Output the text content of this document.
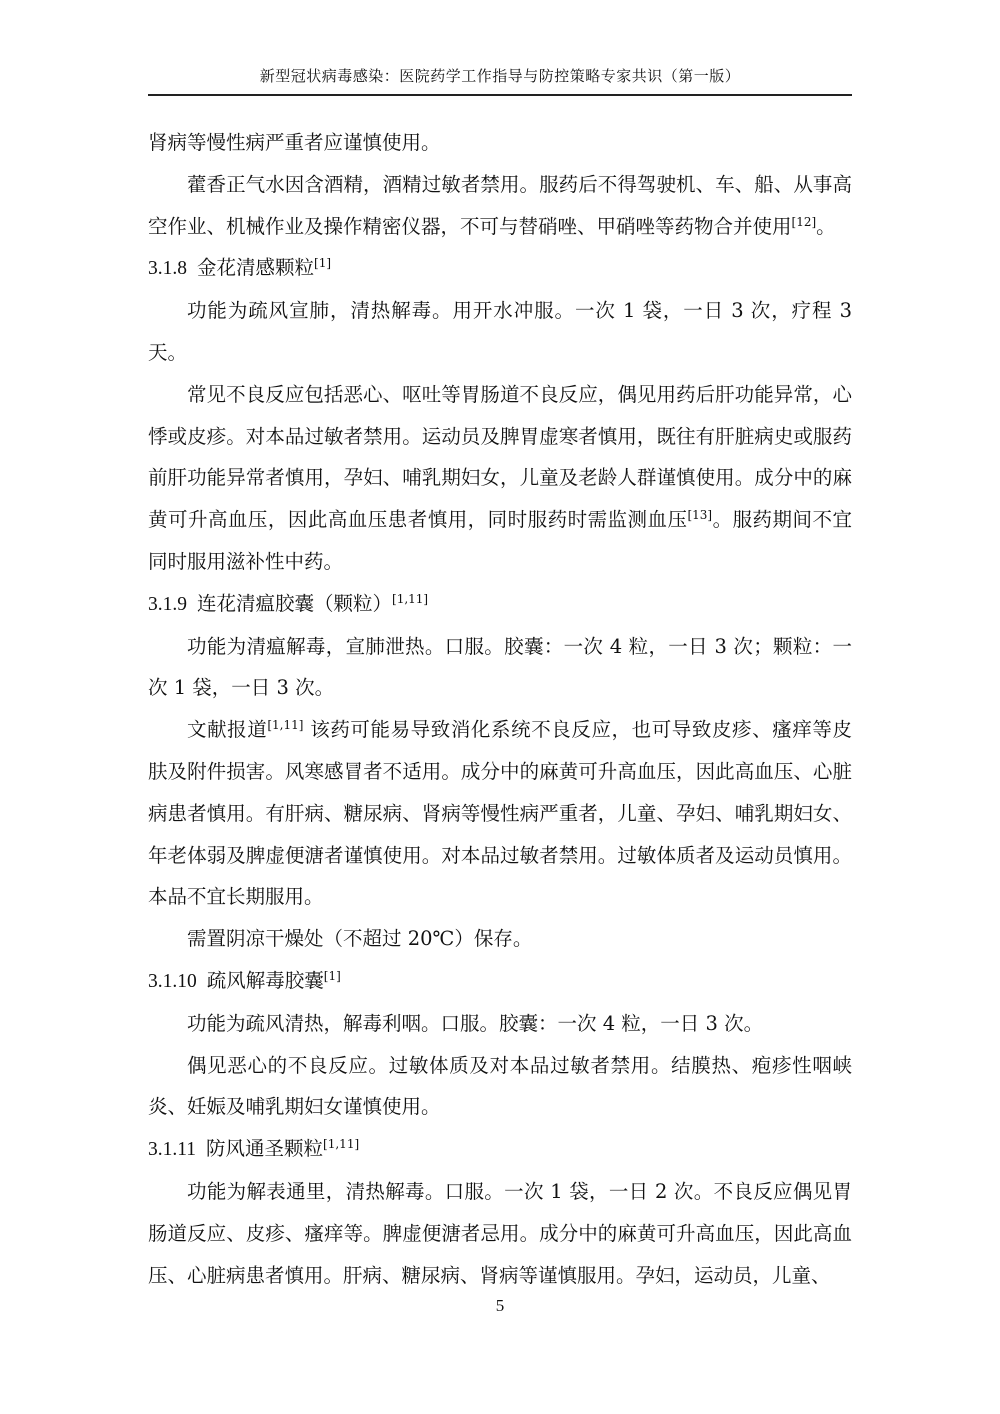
新型冠状病毒感染：医院药学工作指导与防控策略专家共识（第一版）

肾病等慢性病严重者应谨慎使用。

藿香正气水因含酒精，酒精过敏者禁用。服药后不得驾驶机、车、船、从事高空作业、机械作业及操作精密仪器，不可与替硝唑、甲硝唑等药物合并使用[12]。

3.1.8 金花清感颗粒[1]

功能为疏风宣肺，清热解毒。用开水冲服。一次 1 袋，一日 3 次，疗程 3 天。

常见不良反应包括恶心、呕吐等胃肠道不良反应，偶见用药后肝功能异常，心悸或皮疹。对本品过敏者禁用。运动员及脾胃虚寒者慎用，既往有肝脏病史或服药前肝功能异常者慎用，孕妇、哺乳期妇女，儿童及老龄人群谨慎使用。成分中的麻黄可升高血压，因此高血压患者慎用，同时服药时需监测血压[13]。服药期间不宜同时服用滋补性中药。

3.1.9 连花清瘟胶囊（颗粒）[1,11]

功能为清瘟解毒，宣肺泄热。口服。胶囊：一次 4 粒，一日 3 次；颗粒：一次 1 袋，一日 3 次。

文献报道[1,11] 该药可能易导致消化系统不良反应，也可导致皮疹、瘙痒等皮肤及附件损害。风寒感冒者不适用。成分中的麻黄可升高血压，因此高血压、心脏病患者慎用。有肝病、糖尿病、肾病等慢性病严重者，儿童、孕妇、哺乳期妇女、年老体弱及脾虚便溏者谨慎使用。对本品过敏者禁用。过敏体质者及运动员慎用。本品不宜长期服用。

需置阴凉干燥处（不超过 20℃）保存。

3.1.10 疏风解毒胶囊[1]

功能为疏风清热，解毒利咽。口服。胶囊：一次 4 粒，一日 3 次。

偶见恶心的不良反应。过敏体质及对本品过敏者禁用。结膜热、疱疹性咽峡炎、妊娠及哺乳期妇女谨慎使用。

3.1.11 防风通圣颗粒[1,11]

功能为解表通里，清热解毒。口服。一次 1 袋，一日 2 次。不良反应偶见胃肠道反应、皮疹、瘙痒等。脾虚便溏者忌用。成分中的麻黄可升高血压，因此高血压、心脏病患者慎用。肝病、糖尿病、肾病等谨慎服用。孕妇，运动员，儿童、

5
